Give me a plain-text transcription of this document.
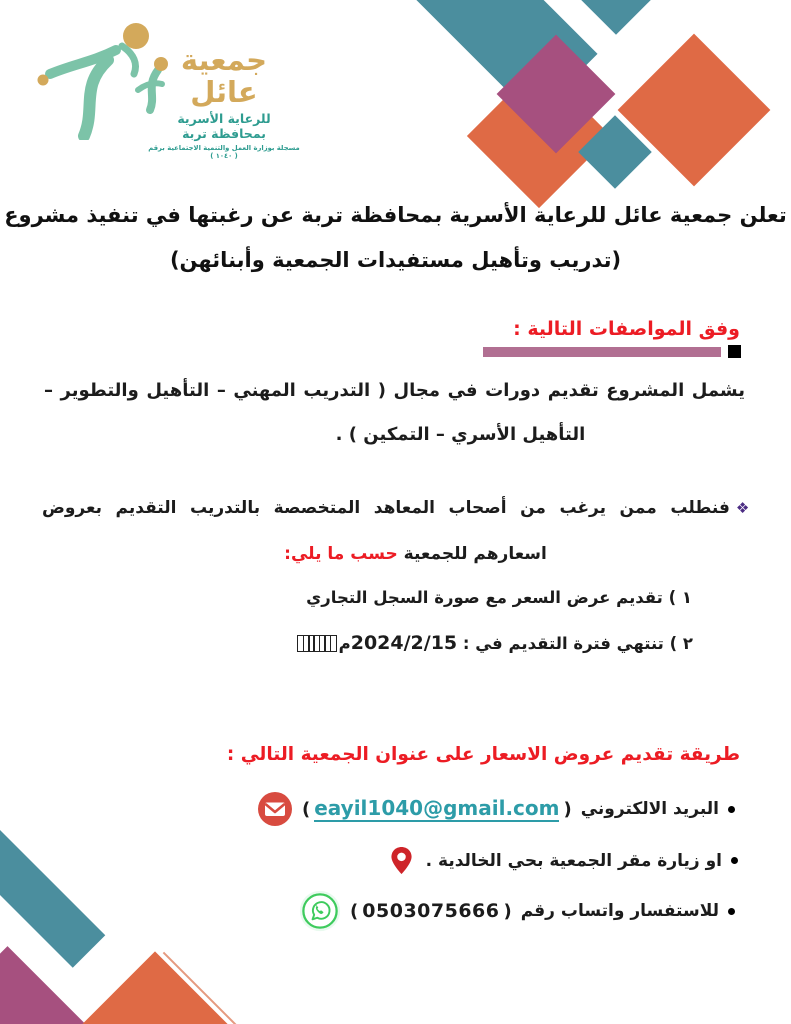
جمعية عائل
للرعاية الأسرية بمحافظة تربة
مسجلة بوزارة العمل والتنمية الاجتماعية برقم ( ١٠٤٠ )
تعلن جمعية عائل للرعاية الأسرية بمحافظة تربة عن رغبتها في تنفيذ مشروع
(تدريب وتأهيل مستفيدات الجمعية وأبنائهن)
وفق المواصفات التالية :
يشمل المشروع تقديم دورات في مجال ( التدريب المهني – التأهيل والتطوير –
التأهيل الأسري – التمكين ) .
❖فنطلب ممن يرغب من أصحاب المعاهد المتخصصة بالتدريب التقديم بعروض
اسعارهم للجمعية حسب ما يلي:
١ ) تقديم عرض السعر مع صورة السجل التجاري
٢ ) تنتهي فترة التقديم في : 2024/2/15م
طريقة تقديم عروض الاسعار على عنوان الجمعية التالي :
البريد الالكتروني
( eayil1040@gmail.com )
او زيارة مقر الجمعية بحي الخالدية .
للاستفسار واتساب رقم
( 0503075666 )
